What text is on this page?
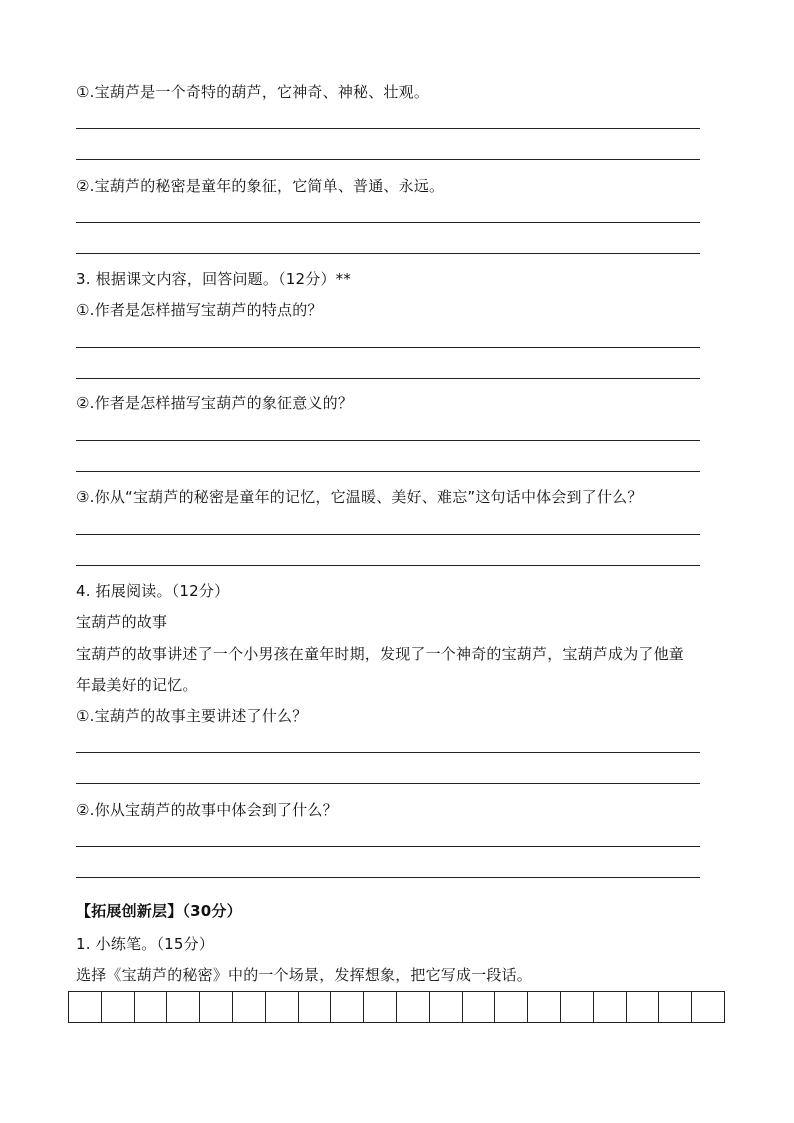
①.宝葫芦是一个奇特的葫芦，它神奇、神秘、壮观。
②.宝葫芦的秘密是童年的象征，它简单、普通、永远。
3. 根据课文内容，回答问题。（12分）**
①.作者是怎样描写宝葫芦的特点的？
②.作者是怎样描写宝葫芦的象征意义的？
③.你从“宝葫芦的秘密是童年的记忆，它温暖、美好、难忘”这句话中体会到了什么？
4. 拓展阅读。（12分）
宝葫芦的故事
宝葫芦的故事讲述了一个小男孩在童年时期，发现了一个神奇的宝葫芦，宝葫芦成为了他童
年最美好的记忆。
①.宝葫芦的故事主要讲述了什么？
②.你从宝葫芦的故事中体会到了什么？
【拓展创新层】（30分）
1. 小练笔。（15分）
选择《宝葫芦的秘密》中的一个场景，发挥想象，把它写成一段话。
